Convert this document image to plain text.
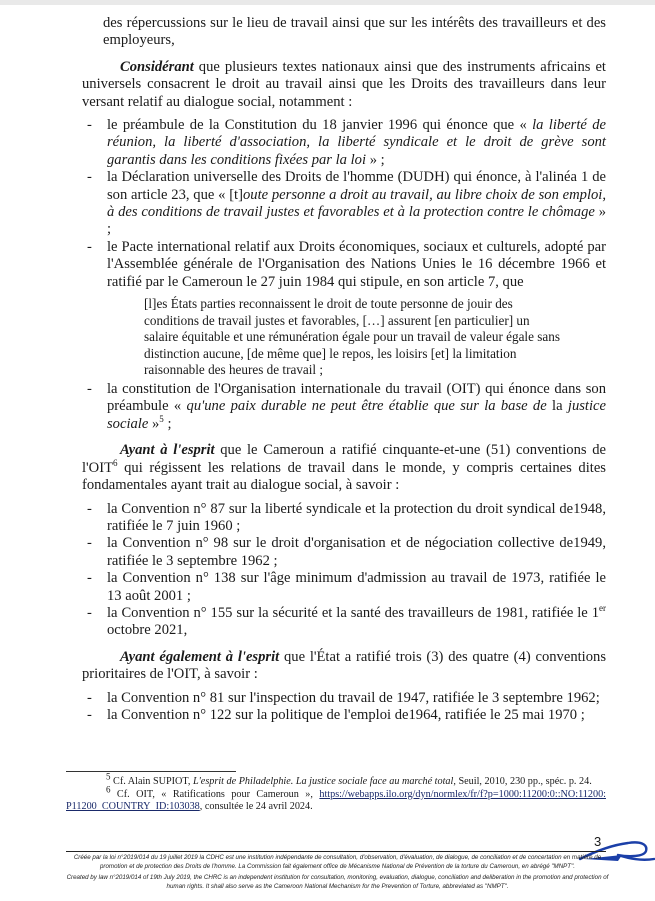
des répercussions sur le lieu de travail ainsi que sur les intérêts des travailleurs et des employeurs,

Considérant que plusieurs textes nationaux ainsi que des instruments africains et universels consacrent le droit au travail ainsi que les Droits des travailleurs dans leur versant relatif au dialogue social, notamment :

- le préambule de la Constitution du 18 janvier 1996 qui énonce que « la liberté de réunion, la liberté d'association, la liberté syndicale et le droit de grève sont garantis dans les conditions fixées par la loi » ;
- la Déclaration universelle des Droits de l'homme (DUDH) qui énonce, à l'alinéa 1 de son article 23, que « [t]oute personne a droit au travail, au libre choix de son emploi, à des conditions de travail justes et favorables et à la protection contre le chômage » ;
- le Pacte international relatif aux Droits économiques, sociaux et culturels, adopté par l'Assemblée générale de l'Organisation des Nations Unies le 16 décembre 1966 et ratifié par le Cameroun le 27 juin 1984 qui stipule, en son article 7, que
[l]es États parties reconnaissent le droit de toute personne de jouir des conditions de travail justes et favorables, […] assurent [en particulier] un salaire équitable et une rémunération égale pour un travail de valeur égale sans distinction aucune, [de même que] le repos, les loisirs [et] la limitation raisonnable des heures de travail ;
- la constitution de l'Organisation internationale du travail (OIT) qui énonce dans son préambule « qu'une paix durable ne peut être établie que sur la base de la justice sociale »$^5$ ;

Ayant à l'esprit que le Cameroun a ratifié cinquante-et-une (51) conventions de l'OIT$^6$ qui régissent les relations de travail dans le monde, y compris certaines dites fondamentales ayant trait au dialogue social, à savoir :

- la Convention n° 87 sur la liberté syndicale et la protection du droit syndical de1948, ratifiée le 7 juin 1960 ;
- la Convention n° 98 sur le droit d'organisation et de négociation collective de1949, ratifiée le 3 septembre 1962 ;
- la Convention n° 138 sur l'âge minimum d'admission au travail de 1973, ratifiée le 13 août 2001 ;
- la Convention n° 155 sur la sécurité et la santé des travailleurs de 1981, ratifiée le 1er octobre 2021,

Ayant également à l'esprit que l'État a ratifié trois (3) des quatre (4) conventions prioritaires de l'OIT, à savoir :

- la Convention n° 81 sur l'inspection du travail de 1947, ratifiée le 3 septembre 1962;
- la Convention n° 122 sur la politique de l'emploi de1964, ratifiée le 25 mai 1970 ;

$^5$ Cf. Alain SUPIOT, L'esprit de Philadelphie. La justice sociale face au marché total, Seuil, 2010, 230 pp., spéc. p. 24.

$^6$ Cf. OIT, « Ratifications pour Cameroun », https://webapps.ilo.org/dyn/normlex/fr/f?p=1000:11200:0::NO:11200: P11200_COUNTRY_ID:103038, consultée le 24 avril 2024.

3

Créée par la loi n°2019/014 du 19 juillet 2019 la CDHC est une institution indépendante de consultation, d'observation, d'évaluation, de dialogue, de conciliation et de concertation en matière de promotion et de protection des Droits de l'homme. La Commission fait également office de Mécanisme National de Prévention de la torture du Cameroun, en abrégé "MNPT".

Created by law n°2019/014 of 19th July 2019, the CHRC is an independent institution for consultation, monitoring, evaluation, dialogue, conciliation and deliberation in the promotion and protection of human rights. It shall also serve as the Cameroon National Mechanism for the Prevention of Torture, abbreviated as "NMPT".
